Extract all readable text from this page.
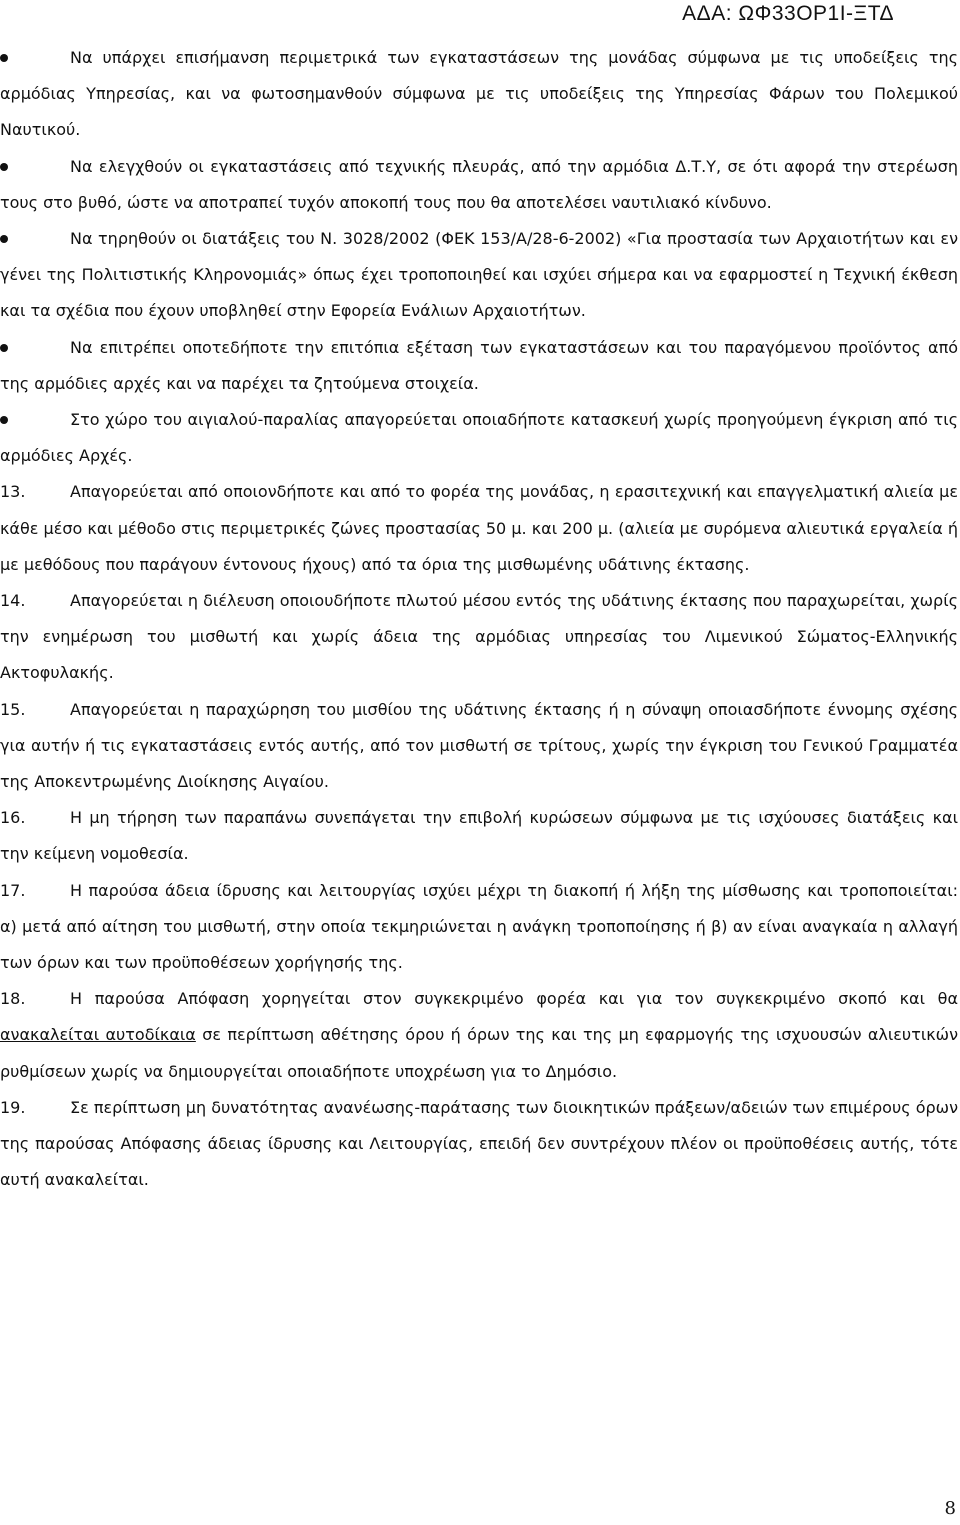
ΑΔΑ: ΩΦ33ΟΡ1Ι-ΞΤΔ

Να υπάρχει επισήμανση περιμετρικά των εγκαταστάσεων της μονάδας σύμφωνα με τις υποδείξεις της αρμόδιας Υπηρεσίας, και να φωτοσημανθούν σύμφωνα με τις υποδείξεις της Υπηρεσίας Φάρων του Πολεμικού Ναυτικού.

Να ελεγχθούν οι εγκαταστάσεις από τεχνικής πλευράς, από την αρμόδια Δ.Τ.Υ, σε ότι αφορά την στερέωση τους στο βυθό, ώστε να αποτραπεί τυχόν αποκοπή τους που θα αποτελέσει ναυτιλιακό κίνδυνο.

Να τηρηθούν οι διατάξεις του Ν. 3028/2002 (ΦΕΚ 153/Α/28-6-2002) «Για προστασία των Αρχαιοτήτων και εν γένει της Πολιτιστικής Κληρονομιάς» όπως έχει τροποποιηθεί και ισχύει σήμερα και να εφαρμοστεί η Τεχνική έκθεση και τα σχέδια που έχουν υποβληθεί στην Εφορεία Ενάλιων Αρχαιοτήτων.

Να επιτρέπει οποτεδήποτε την επιτόπια εξέταση των εγκαταστάσεων και του παραγόμενου προϊόντος από της αρμόδιες αρχές και να παρέχει τα ζητούμενα στοιχεία.

Στο χώρο του αιγιαλού-παραλίας απαγορεύεται οποιαδήποτε κατασκευή χωρίς προηγούμενη έγκριση από τις αρμόδιες Αρχές.

13.	Απαγορεύεται από οποιονδήποτε και από το φορέα της μονάδας, η ερασιτεχνική και επαγγελματική αλιεία με κάθε μέσο και μέθοδο στις περιμετρικές ζώνες προστασίας 50 μ. και 200 μ. (αλιεία με συρόμενα αλιευτικά εργαλεία ή με μεθόδους που παράγουν έντονους ήχους) από τα όρια της μισθωμένης υδάτινης έκτασης.

14.	Απαγορεύεται η διέλευση οποιουδήποτε πλωτού μέσου εντός της υδάτινης έκτασης που παραχωρείται, χωρίς την ενημέρωση του μισθωτή και χωρίς άδεια της αρμόδιας υπηρεσίας του Λιμενικού Σώματος-Ελληνικής Ακτοφυλακής.

15.	Απαγορεύεται η παραχώρηση του μισθίου της υδάτινης έκτασης ή η σύναψη οποιασδήποτε έννομης σχέσης για αυτήν ή τις εγκαταστάσεις εντός αυτής, από τον μισθωτή σε τρίτους, χωρίς την έγκριση του Γενικού Γραμματέα της Αποκεντρωμένης Διοίκησης Αιγαίου.

16.	Η μη τήρηση των παραπάνω συνεπάγεται την επιβολή κυρώσεων σύμφωνα με τις ισχύουσες διατάξεις και την κείμενη νομοθεσία.

17.	Η παρούσα άδεια ίδρυσης και λειτουργίας ισχύει μέχρι τη διακοπή ή λήξη της μίσθωσης και τροποποιείται: α) μετά από αίτηση του μισθωτή, στην οποία τεκμηριώνεται η ανάγκη τροποποίησης ή β) αν είναι αναγκαία η αλλαγή των όρων και των προϋποθέσεων χορήγησής της.

18.	Η παρούσα Απόφαση χορηγείται στον συγκεκριμένο φορέα και για τον συγκεκριμένο σκοπό και θα ανακαλείται αυτοδίκαια σε περίπτωση αθέτησης όρου ή όρων της και της μη εφαρμογής της ισχυουσών αλιευτικών ρυθμίσεων χωρίς να δημιουργείται οποιαδήποτε υποχρέωση για το Δημόσιο.

19.	Σε περίπτωση μη δυνατότητας ανανέωσης-παράτασης των διοικητικών πράξεων/αδειών των επιμέρους όρων της παρούσας Απόφασης άδειας ίδρυσης και Λειτουργίας, επειδή δεν συντρέχουν πλέον οι προϋποθέσεις αυτής, τότε αυτή ανακαλείται.

8
